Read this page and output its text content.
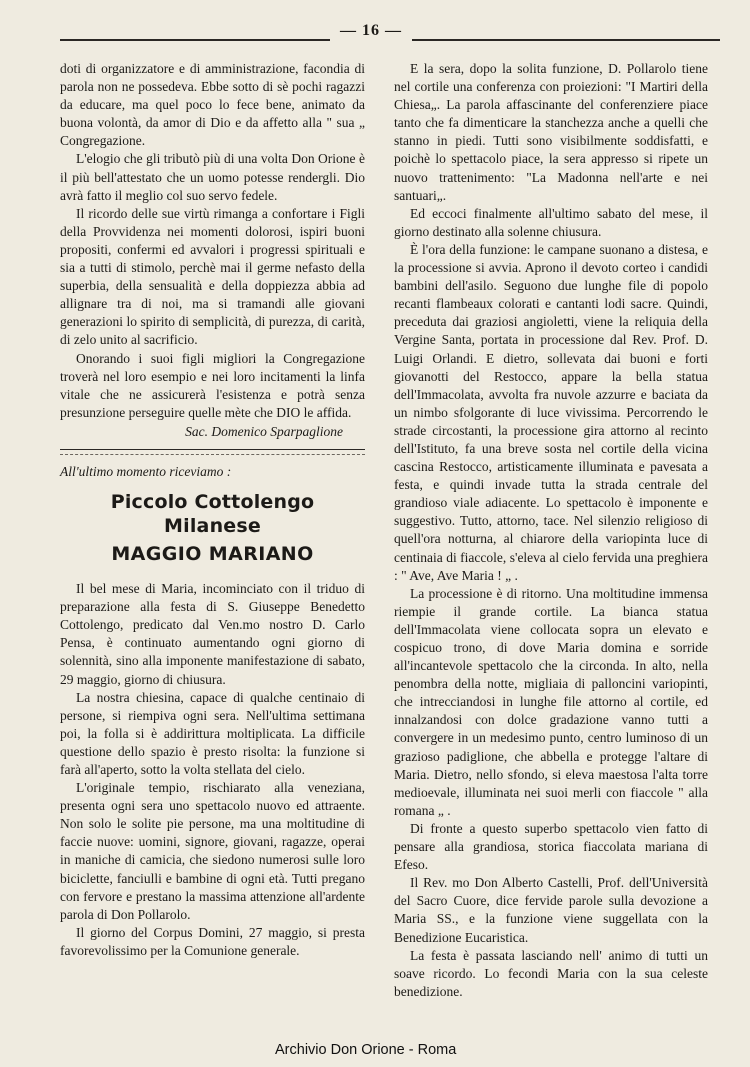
— 16 —

doti di organizzatore e di amministrazione, facondia di parola non ne possedeva. Ebbe sotto di sè pochi ragazzi da educare, ma quel poco lo fece bene, animato da buona volontà, da amor di Dio e da affetto alla " sua „ Congregazione.

L'elogio che gli tributò più di una volta Don Orione è il più bell'attestato che un uomo potesse rendergli. Dio avrà fatto il meglio col suo servo fedele.

Il ricordo delle sue virtù rimanga a confortare i Figli della Provvidenza nei momenti dolorosi, ispiri buoni propositi, confermi ed avvalori i progressi spirituali e sia a tutti di stimolo, perchè mai il germe nefasto della superbia, della sensualità e della doppiezza abbia ad allignare tra di noi, ma si tramandi alle giovani generazioni lo spirito di semplicità, di purezza, di carità, di zelo unito al sacrificio.

Onorando i suoi figli migliori la Congregazione troverà nel loro esempio e nei loro incitamenti la linfa vitale che ne assicurerà l'esistenza e potrà senza presunzione perseguire quelle mète che DIO le affida.

Sac. Domenico Sparpaglione
All'ultimo momento riceviamo :
Piccolo Cottolengo Milanese
MAGGIO MARIANO

Il bel mese di Maria, incominciato con il triduo di preparazione alla festa di S. Giuseppe Benedetto Cottolengo, predicato dal Ven.mo nostro D. Carlo Pensa, è continuato aumentando ogni giorno di solennità, sino alla imponente manifestazione di sabato, 29 maggio, giorno di chiusura.

La nostra chiesina, capace di qualche centinaio di persone, si riempiva ogni sera. Nell'ultima settimana poi, la folla si è addirittura moltiplicata. La difficile questione dello spazio è presto risolta: la funzione si farà all'aperto, sotto la volta stellata del cielo.

L'originale tempio, rischiarato alla veneziana, presenta ogni sera uno spettacolo nuovo ed attraente. Non solo le solite pie persone, ma una moltitudine di faccie nuove: uomini, signore, giovani, ragazze, operai in maniche di camicia, che siedono numerosi sulle loro biciclette, fanciulli e bambine di ogni età. Tutti pregano con fervore e prestano la massima attenzione all'ardente parola di Don Pollarolo.

Il giorno del Corpus Domini, 27 maggio, si presta favorevolissimo per la Comunione generale.

E la sera, dopo la solita funzione, D. Pollarolo tiene nel cortile una conferenza con proiezioni: "I Martiri della Chiesa„. La parola affascinante del conferenziere piace tanto che fa dimenticare la stanchezza anche a quelli che stanno in piedi. Tutti sono visibilmente soddisfatti, e poichè lo spettacolo piace, la sera appresso si ripete un nuovo trattenimento: "La Madonna nell'arte e nei santuari„.

Ed eccoci finalmente all'ultimo sabato del mese, il giorno destinato alla solenne chiusura.

È l'ora della funzione: le campane suonano a distesa, e la processione si avvia. Aprono il devoto corteo i candidi bambini dell'asilo. Seguono due lunghe file di popolo recanti flambeaux colorati e cantanti lodi sacre. Quindi, preceduta dai graziosi angioletti, viene la reliquia della Vergine Santa, portata in processione dal Rev. Prof. D. Luigi Orlandi. E dietro, sollevata dai buoni e forti giovanotti del Restocco, appare la bella statua dell'Immacolata, avvolta fra nuvole azzurre e baciata da un nimbo sfolgorante di luce vivissima. Percorrendo le strade circostanti, la processione gira attorno al recinto dell'Istituto, fa una breve sosta nel cortile della vicina cascina Restocco, artisticamente illuminata e pavesata a festa, e quindi invade tutta la strada centrale del grandioso viale adiacente. Lo spettacolo è imponente e suggestivo. Tutto, attorno, tace. Nel silenzio religioso di quell'ora notturna, al chiarore della variopinta luce di centinaia di fiaccole, s'eleva al cielo fervida una preghiera : " Ave, Ave Maria ! „ .

La processione è di ritorno. Una moltitudine immensa riempie il grande cortile. La bianca statua dell'Immacolata viene collocata sopra un elevato e cospicuo trono, di dove Maria domina e sorride all'incantevole spettacolo che la circonda. In alto, nella penombra della notte, migliaia di palloncini variopinti, che intrecciandosi in lunghe file attorno al cortile, ed innalzandosi con dolce gradazione vanno tutti a convergere in un medesimo punto, centro luminoso di un grazioso padiglione, che abbella e protegge l'altare di Maria. Dietro, nello sfondo, si eleva maestosa l'alta torre medioevale, illuminata nei suoi merli con fiaccole " alla romana „ .

Di fronte a questo superbo spettacolo vien fatto di pensare alla grandiosa, storica fiaccolata mariana di Efeso.

Il Rev. mo Don Alberto Castelli, Prof. dell'Università del Sacro Cuore, dice fervide parole sulla devozione a Maria SS., e la funzione viene suggellata con la Benedizione Eucaristica.

La festa è passata lasciando nell' animo di tutti un soave ricordo. Lo fecondi Maria con la sua celeste benedizione.

Archivio Don Orione - Roma
